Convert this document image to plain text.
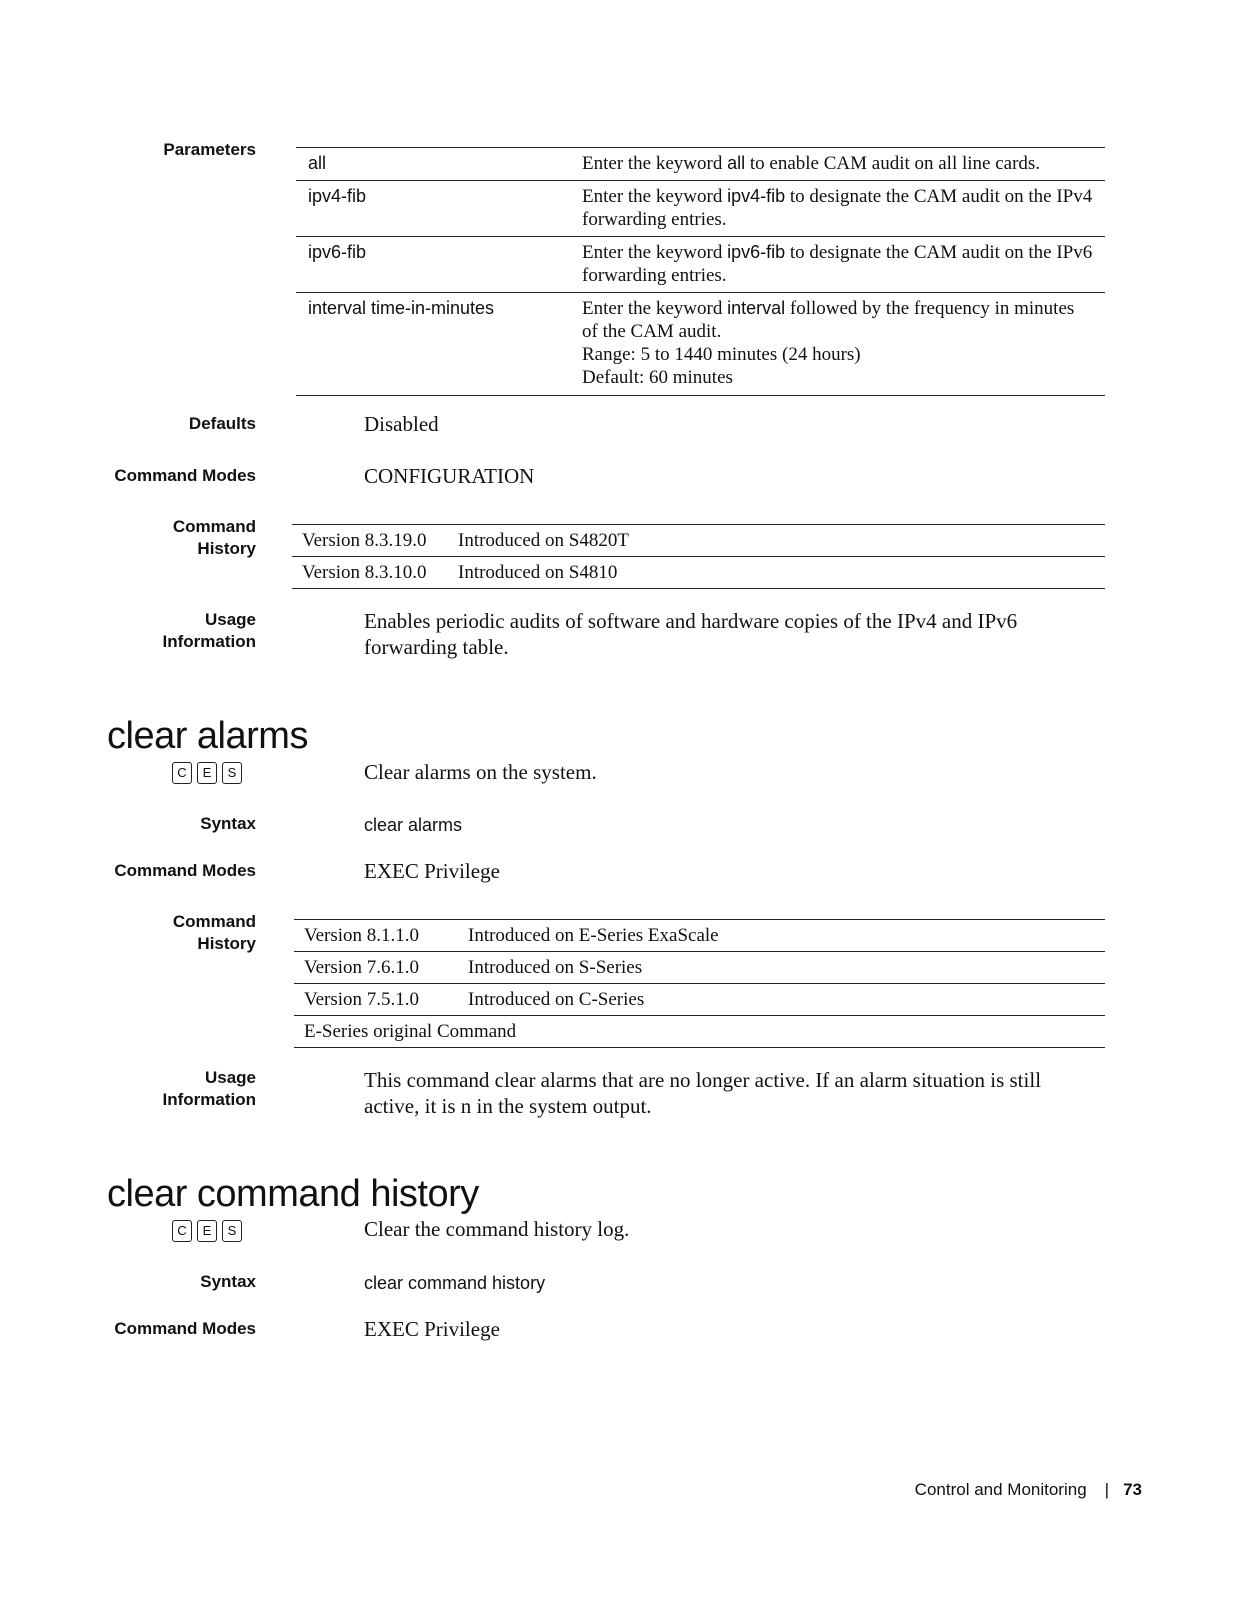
Parameters
all	Enter the keyword all to enable CAM audit on all line cards.
ipv4-fib	Enter the keyword ipv4-fib to designate the CAM audit on the IPv4 forwarding entries.
ipv6-fib	Enter the keyword ipv6-fib to designate the CAM audit on the IPv6 forwarding entries.
interval time-in-minutes	Enter the keyword interval followed by the frequency in minutes of the CAM audit.
Range: 5 to 1440 minutes (24 hours)
Default: 60 minutes
Defaults	Disabled
Command Modes	CONFIGURATION
Command
History Version 8.3.19.0	Introduced on S4820T
Version 8.3.10.0	Introduced on S4810
Usage
Information
Enables periodic audits of software and hardware copies of the IPv4 and IPv6 forwarding table.
clear alarms
C	E	S	Clear alarms on the system.
Syntax	clear alarms
Command Modes	EXEC Privilege
Command
History	Version 8.1.1.0	Introduced on E-Series ExaScale
Version 7.6.1.0	Introduced on S-Series
Version 7.5.1.0	Introduced on C-Series
E-Series original Command	
Usage
Information
This command clear alarms that are no longer active. If an alarm situation is still active, it is n in the system output.
clear command history
C	E	S	Clear the command history log.
Syntax	clear command history
Command Modes	EXEC Privilege
Control and Monitoring | 73
